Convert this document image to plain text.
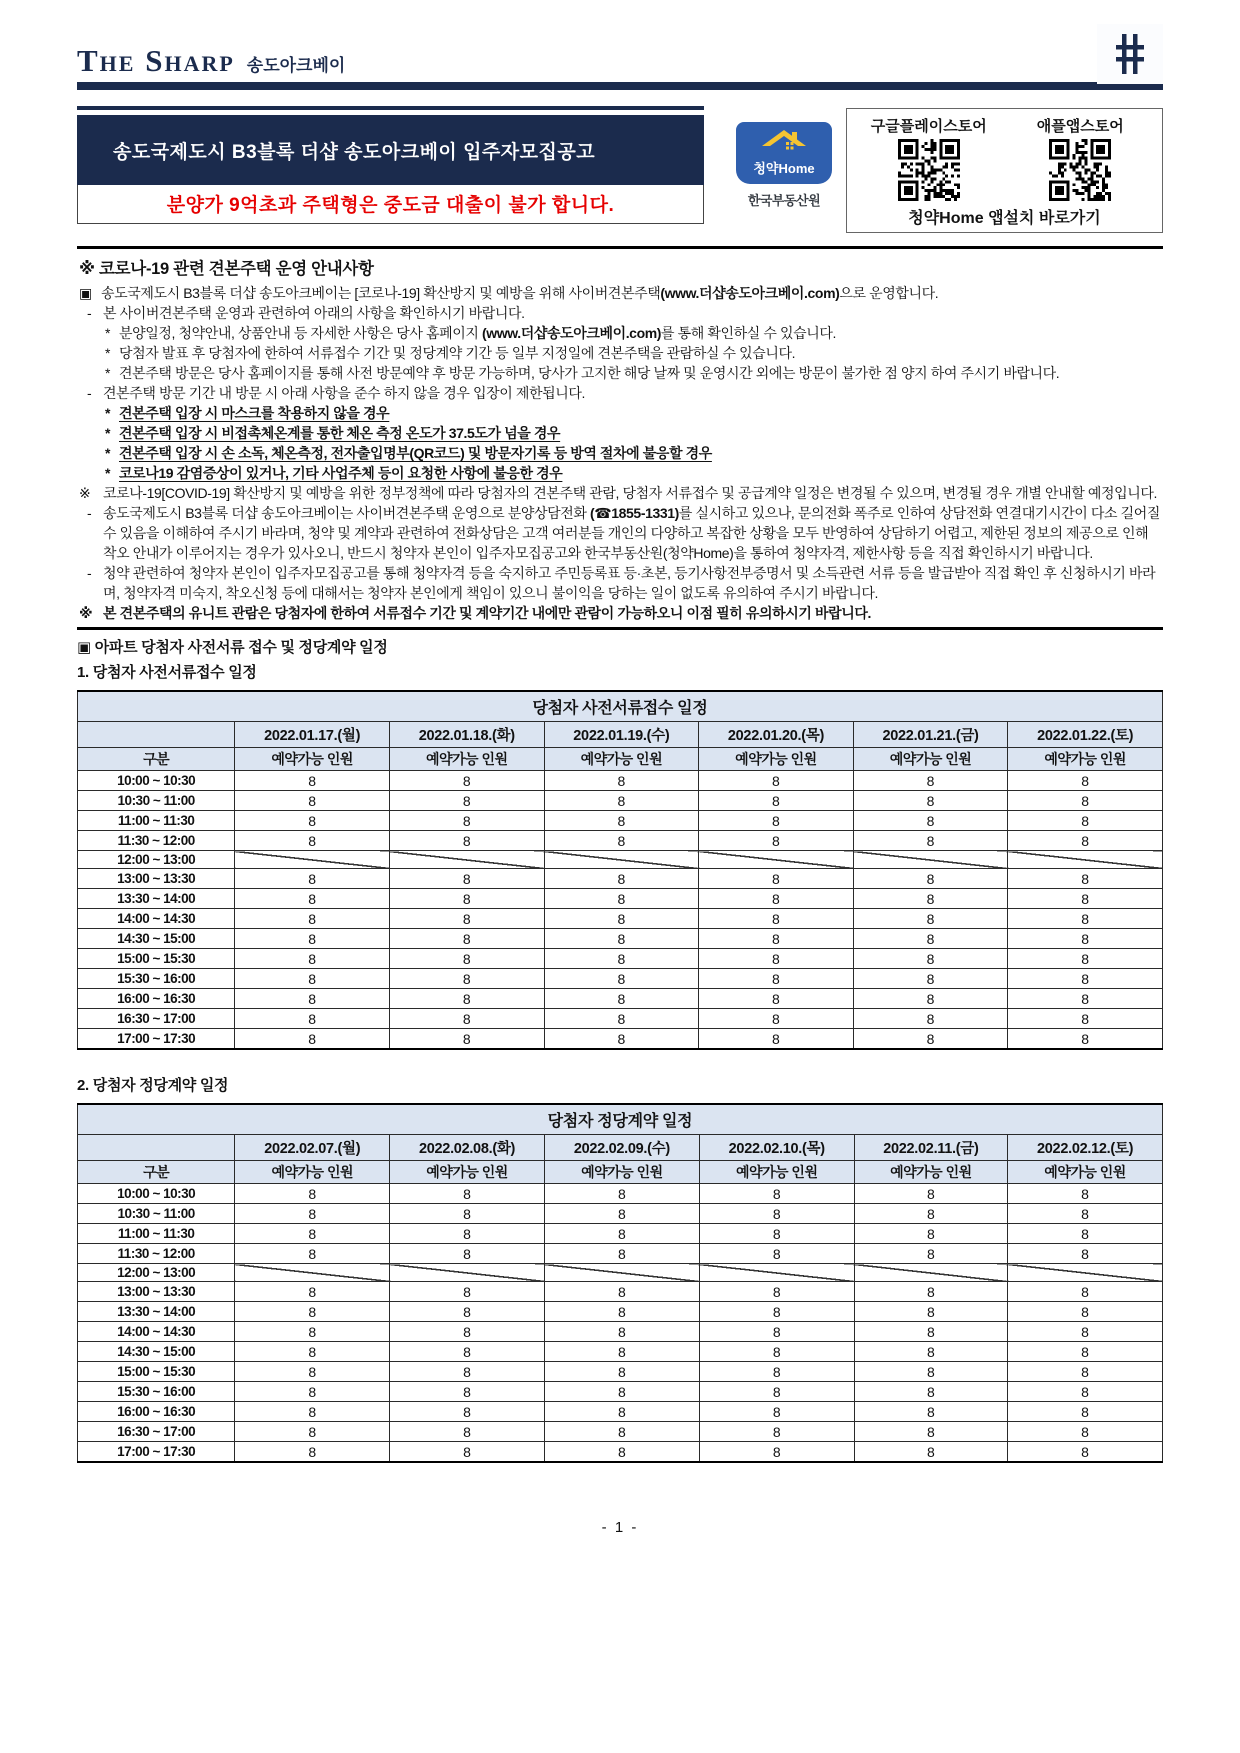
The Sharp 송도아크베이
송도국제도시 B3블록 더샵 송도아크베이 입주자모집공고
분양가 9억초과 주택형은 중도금 대출이 불가 합니다.
청약Home
한국부동산원
구글플레이스토어	애플앱스토어
청약Home 앱설치 바로가기
※ 코로나-19 관련 견본주택 운영 안내사항
▣ 송도국제도시 B3블록 더샵 송도아크베이는 [코로나-19] 확산방지 및 예방을 위해 사이버견본주택(www.더샵송도아크베이.com)으로 운영합니다.
- 본 사이버견본주택 운영과 관련하여 아래의 사항을 확인하시기 바랍니다.
* 분양일정, 청약안내, 상품안내 등 자세한 사항은 당사 홈페이지 (www.더샵송도아크베이.com)를 통해 확인하실 수 있습니다.
* 당첨자 발표 후 당첨자에 한하여 서류접수 기간 및 정당계약 기간 등 일부 지정일에 견본주택을 관람하실 수 있습니다.
* 견본주택 방문은 당사 홈페이지를 통해 사전 방문예약 후 방문 가능하며, 당사가 고지한 해당 날짜 및 운영시간 외에는 방문이 불가한 점 양지 하여 주시기 바랍니다.
- 견본주택 방문 기간 내 방문 시 아래 사항을 준수 하지 않을 경우 입장이 제한됩니다.
* 견본주택 입장 시 마스크를 착용하지 않을 경우
* 견본주택 입장 시 비접촉체온계를 통한 체온 측정 온도가 37.5도가 넘을 경우
* 견본주택 입장 시 손 소독, 체온측정, 전자출입명부(QR코드) 및 방문자기록 등 방역 절차에 불응할 경우
* 코로나19 감염증상이 있거나, 기타 사업주체 등이 요청한 사항에 불응한 경우
※ 코로나-19[COVID-19] 확산방지 및 예방을 위한 정부정책에 따라 당첨자의 견본주택 관람, 당첨자 서류접수 및 공급계약 일정은 변경될 수 있으며, 변경될 경우 개별 안내할 예정입니다.
- 송도국제도시 B3블록 더샵 송도아크베이는 사이버견본주택 운영으로 분양상담전화 (☎1855-1331)를 실시하고 있으나, 문의전화 폭주로 인하여 상담전화 연결대기시간이 다소 길어질 수 있음을 이해하여 주시기 바라며, 청약 및 계약과 관련하여 전화상담은 고객 여러분들 개인의 다양하고 복잡한 상황을 모두 반영하여 상담하기 어렵고, 제한된 정보의 제공으로 인해 착오 안내가 이루어지는 경우가 있사오니, 반드시 청약자 본인이 입주자모집공고와 한국부동산원(청약Home)을 통하여 청약자격, 제한사항 등을 직접 확인하시기 바랍니다.
- 청약 관련하여 청약자 본인이 입주자모집공고를 통해 청약자격 등을 숙지하고 주민등록표 등·초본, 등기사항전부증명서 및 소득관련 서류 등을 발급받아 직접 확인 후 신청하시기 바라며, 청약자격 미숙지, 착오신청 등에 대해서는 청약자 본인에게 책임이 있으니 불이익을 당하는 일이 없도록 유의하여 주시기 바랍니다.
※ 본 견본주택의 유니트 관람은 당첨자에 한하여 서류접수 기간 및 계약기간 내에만 관람이 가능하오니 이점 필히 유의하시기 바랍니다.
▣ 아파트 당첨자 사전서류 접수 및 정당계약 일정
1. 당첨자 사전서류접수 일정
당첨자 사전서류접수 일정						
	2022.01.17.(월)	2022.01.18.(화)	2022.01.19.(수)	2022.01.20.(목)	2022.01.21.(금)	2022.01.22.(토)
구분	예약가능 인원	예약가능 인원	예약가능 인원	예약가능 인원	예약가능 인원	예약가능 인원
10:00 ~ 10:30	8	8	8	8	8	8
10:30 ~ 11:00	8	8	8	8	8	8
11:00 ~ 11:30	8	8	8	8	8	8
11:30 ~ 12:00	8	8	8	8	8	8
12:00 ~ 13:00						
13:00 ~ 13:30	8	8	8	8	8	8
13:30 ~ 14:00	8	8	8	8	8	8
14:00 ~ 14:30	8	8	8	8	8	8
14:30 ~ 15:00	8	8	8	8	8	8
15:00 ~ 15:30	8	8	8	8	8	8
15:30 ~ 16:00	8	8	8	8	8	8
16:00 ~ 16:30	8	8	8	8	8	8
16:30 ~ 17:00	8	8	8	8	8	8
17:00 ~ 17:30	8	8	8	8	8	8
2. 당첨자 정당계약 일정
당첨자 정당계약 일정						
	2022.02.07.(월)	2022.02.08.(화)	2022.02.09.(수)	2022.02.10.(목)	2022.02.11.(금)	2022.02.12.(토)
구분	예약가능 인원	예약가능 인원	예약가능 인원	예약가능 인원	예약가능 인원	예약가능 인원
10:00 ~ 10:30	8	8	8	8	8	8
10:30 ~ 11:00	8	8	8	8	8	8
11:00 ~ 11:30	8	8	8	8	8	8
11:30 ~ 12:00	8	8	8	8	8	8
12:00 ~ 13:00						
13:00 ~ 13:30	8	8	8	8	8	8
13:30 ~ 14:00	8	8	8	8	8	8
14:00 ~ 14:30	8	8	8	8	8	8
14:30 ~ 15:00	8	8	8	8	8	8
15:00 ~ 15:30	8	8	8	8	8	8
15:30 ~ 16:00	8	8	8	8	8	8
16:00 ~ 16:30	8	8	8	8	8	8
16:30 ~ 17:00	8	8	8	8	8	8
17:00 ~ 17:30	8	8	8	8	8	8
- 1 -
